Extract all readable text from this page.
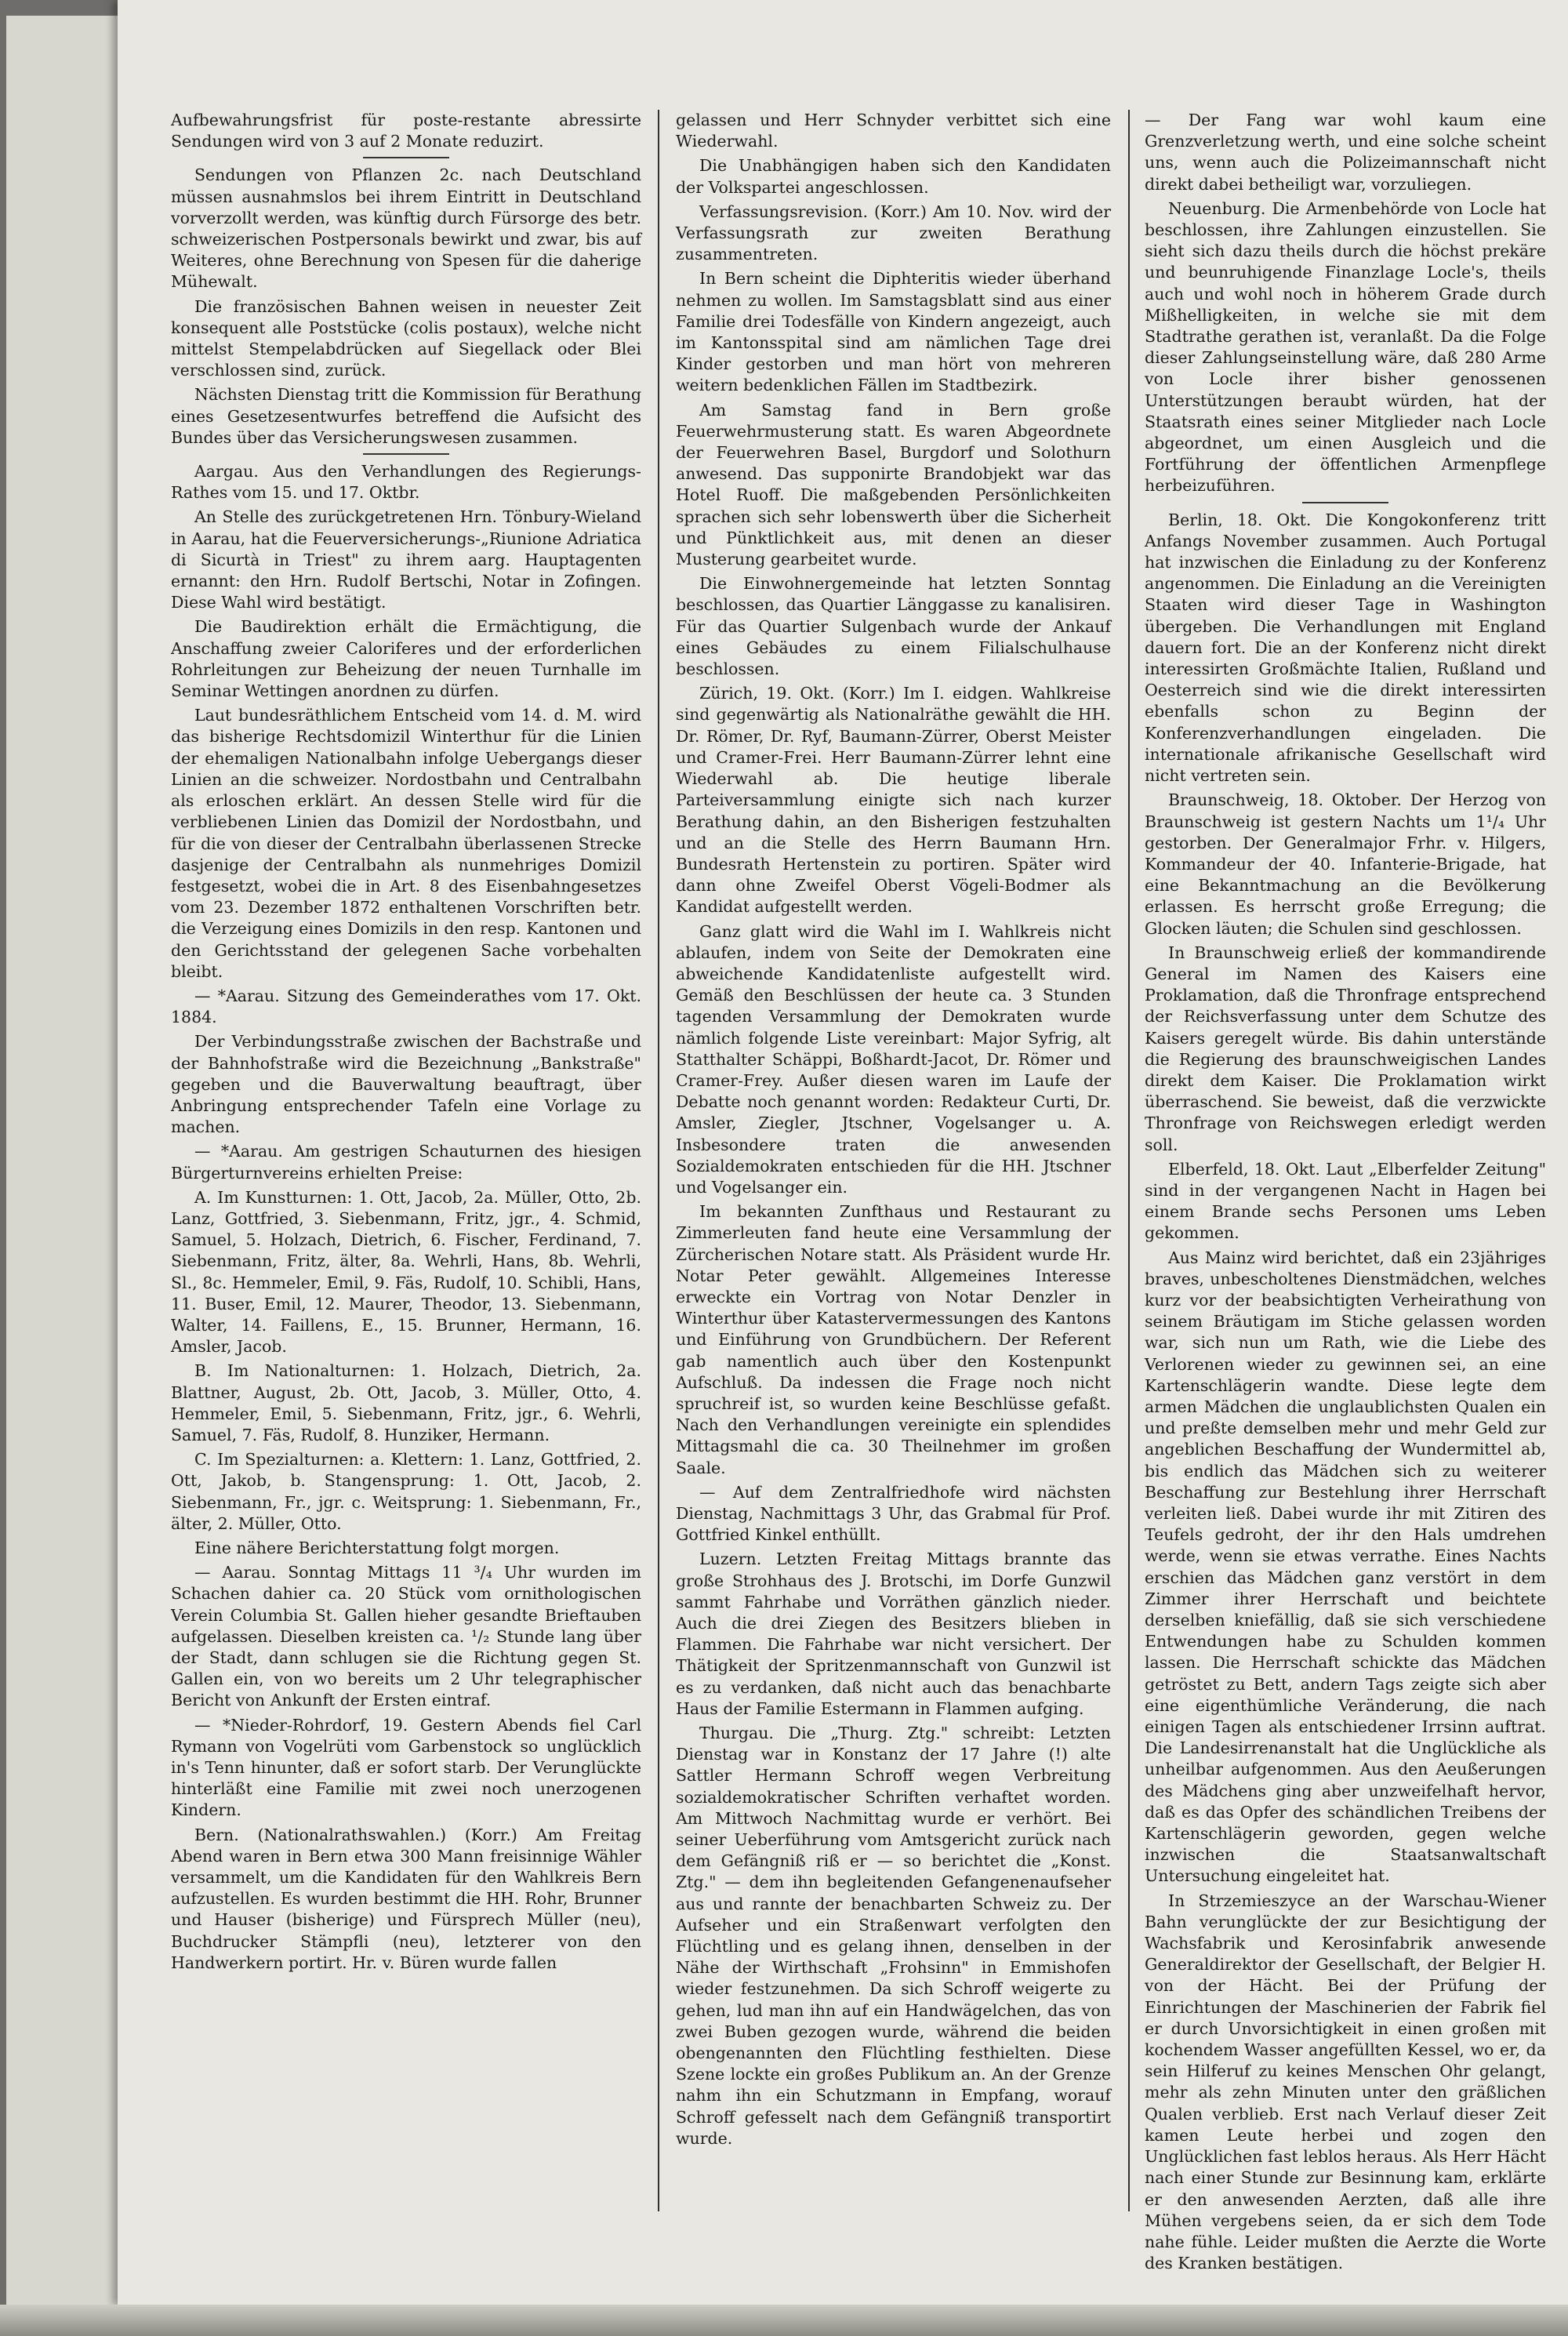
Aufbewahrungsfrist für poste-restante abressirte Sendungen wird von 3 auf 2 Monate reduzirt.

Sendungen von Pflanzen 2c. nach Deutschland müssen ausnahmslos bei ihrem Eintritt in Deutschland vorverzollt werden, was künftig durch Fürsorge des betr. schweizerischen Postpersonals bewirkt und zwar, bis auf Weiteres, ohne Berechnung von Spesen für die daherige Mühewalt.

Die französischen Bahnen weisen in neuester Zeit konsequent alle Poststücke (colis postaux), welche nicht mittelst Stempelabdrücken auf Siegellack oder Blei verschlossen sind, zurück.

Nächsten Dienstag tritt die Kommission für Berathung eines Gesetzesentwurfes betreffend die Aufsicht des Bundes über das Versicherungswesen zusammen.

Aargau. Aus den Verhandlungen des Regierungs-Rathes vom 15. und 17. Oktbr.

An Stelle des zurückgetretenen Hrn. Tönbury-Wieland in Aarau, hat die Feuerversicherungs-„Riunione Adriatica di Sicurtà in Triest" zu ihrem aarg. Hauptagenten ernannt: den Hrn. Rudolf Bertschi, Notar in Zofingen. Diese Wahl wird bestätigt.

Die Baudirektion erhält die Ermächtigung, die Anschaffung zweier Caloriferes und der erforderlichen Rohrleitungen zur Beheizung der neuen Turnhalle im Seminar Wettingen anordnen zu dürfen.

Laut bundesräthlichem Entscheid vom 14. d. M. wird das bisherige Rechtsdomizil Winterthur für die Linien der ehemaligen Nationalbahn infolge Uebergangs dieser Linien an die schweizer. Nordostbahn und Centralbahn als erloschen erklärt. An dessen Stelle wird für die verbliebenen Linien das Domizil der Nordostbahn, und für die von dieser der Centralbahn überlassenen Strecke dasjenige der Centralbahn als nunmehriges Domizil festgesetzt, wobei die in Art. 8 des Eisenbahngesetzes vom 23. Dezember 1872 enthaltenen Vorschriften betr. die Verzeigung eines Domizils in den resp. Kantonen und den Gerichtsstand der gelegenen Sache vorbehalten bleibt.

— *Aarau. Sitzung des Gemeinderathes vom 17. Okt. 1884.

Der Verbindungsstraße zwischen der Bachstraße und der Bahnhofstraße wird die Bezeichnung „Bankstraße" gegeben und die Bauverwaltung beauftragt, über Anbringung entsprechender Tafeln eine Vorlage zu machen.

— *Aarau. Am gestrigen Schauturnen des hiesigen Bürgerturnvereins erhielten Preise:

A. Im Kunstturnen: 1. Ott, Jacob, 2a. Müller, Otto, 2b. Lanz, Gottfried, 3. Siebenmann, Fritz, jgr., 4. Schmid, Samuel, 5. Holzach, Dietrich, 6. Fischer, Ferdinand, 7. Siebenmann, Fritz, älter, 8a. Wehrli, Hans, 8b. Wehrli, Sl., 8c. Hemmeler, Emil, 9. Fäs, Rudolf, 10. Schibli, Hans, 11. Buser, Emil, 12. Maurer, Theodor, 13. Siebenmann, Walter, 14. Faillens, E., 15. Brunner, Hermann, 16. Amsler, Jacob.

B. Im Nationalturnen: 1. Holzach, Dietrich, 2a. Blattner, August, 2b. Ott, Jacob, 3. Müller, Otto, 4. Hemmeler, Emil, 5. Siebenmann, Fritz, jgr., 6. Wehrli, Samuel, 7. Fäs, Rudolf, 8. Hunziker, Hermann.

C. Im Spezialturnen: a. Klettern: 1. Lanz, Gottfried, 2. Ott, Jakob, b. Stangensprung: 1. Ott, Jacob, 2. Siebenmann, Fr., jgr. c. Weitsprung: 1. Siebenmann, Fr., älter, 2. Müller, Otto.

Eine nähere Berichterstattung folgt morgen.

— Aarau. Sonntag Mittags 11 ³/₄ Uhr wurden im Schachen dahier ca. 20 Stück vom ornithologischen Verein Columbia St. Gallen hieher gesandte Brieftauben aufgelassen. Dieselben kreisten ca. ¹/₂ Stunde lang über der Stadt, dann schlugen sie die Richtung gegen St. Gallen ein, von wo bereits um 2 Uhr telegraphischer Bericht von Ankunft der Ersten eintraf.

— *Nieder-Rohrdorf, 19. Gestern Abends fiel Carl Rymann von Vogelrüti vom Garbenstock so unglücklich in's Tenn hinunter, daß er sofort starb. Der Verunglückte hinterläßt eine Familie mit zwei noch unerzogenen Kindern.

Bern. (Nationalrathswahlen.) (Korr.) Am Freitag Abend waren in Bern etwa 300 Mann freisinnige Wähler versammelt, um die Kandidaten für den Wahlkreis Bern aufzustellen. Es wurden bestimmt die HH. Rohr, Brunner und Hauser (bisherige) und Fürsprech Müller (neu), Buchdrucker Stämpfli (neu), letzterer von den Handwerkern portirt. Hr. v. Büren wurde fallen

gelassen und Herr Schnyder verbittet sich eine Wiederwahl.

Die Unabhängigen haben sich den Kandidaten der Volkspartei angeschlossen.

Verfassungsrevision. (Korr.) Am 10. Nov. wird der Verfassungsrath zur zweiten Berathung zusammentreten.

In Bern scheint die Diphteritis wieder überhand nehmen zu wollen. Im Samstagsblatt sind aus einer Familie drei Todesfälle von Kindern angezeigt, auch im Kantonsspital sind am nämlichen Tage drei Kinder gestorben und man hört von mehreren weitern bedenklichen Fällen im Stadtbezirk.

Am Samstag fand in Bern große Feuerwehrmusterung statt. Es waren Abgeordnete der Feuerwehren Basel, Burgdorf und Solothurn anwesend. Das supponirte Brandobjekt war das Hotel Ruoff. Die maßgebenden Persönlichkeiten sprachen sich sehr lobenswerth über die Sicherheit und Pünktlichkeit aus, mit denen an dieser Musterung gearbeitet wurde.

Die Einwohnergemeinde hat letzten Sonntag beschlossen, das Quartier Länggasse zu kanalisiren. Für das Quartier Sulgenbach wurde der Ankauf eines Gebäudes zu einem Filialschulhause beschlossen.

Zürich, 19. Okt. (Korr.) Im I. eidgen. Wahlkreise sind gegenwärtig als Nationalräthe gewählt die HH. Dr. Römer, Dr. Ryf, Baumann-Zürrer, Oberst Meister und Cramer-Frei. Herr Baumann-Zürrer lehnt eine Wiederwahl ab. Die heutige liberale Parteiversammlung einigte sich nach kurzer Berathung dahin, an den Bisherigen festzuhalten und an die Stelle des Herrn Baumann Hrn. Bundesrath Hertenstein zu portiren. Später wird dann ohne Zweifel Oberst Vögeli-Bodmer als Kandidat aufgestellt werden.

Ganz glatt wird die Wahl im I. Wahlkreis nicht ablaufen, indem von Seite der Demokraten eine abweichende Kandidatenliste aufgestellt wird. Gemäß den Beschlüssen der heute ca. 3 Stunden tagenden Versammlung der Demokraten wurde nämlich folgende Liste vereinbart: Major Syfrig, alt Statthalter Schäppi, Boßhardt-Jacot, Dr. Römer und Cramer-Frey. Außer diesen waren im Laufe der Debatte noch genannt worden: Redakteur Curti, Dr. Amsler, Ziegler, Jtschner, Vogelsanger u. A. Insbesondere traten die anwesenden Sozialdemokraten entschieden für die HH. Jtschner und Vogelsanger ein.

Im bekannten Zunfthaus und Restaurant zu Zimmerleuten fand heute eine Versammlung der Zürcherischen Notare statt. Als Präsident wurde Hr. Notar Peter gewählt. Allgemeines Interesse erweckte ein Vortrag von Notar Denzler in Winterthur über Katastervermessungen des Kantons und Einführung von Grundbüchern. Der Referent gab namentlich auch über den Kostenpunkt Aufschluß. Da indessen die Frage noch nicht spruchreif ist, so wurden keine Beschlüsse gefaßt. Nach den Verhandlungen vereinigte ein splendides Mittagsmahl die ca. 30 Theilnehmer im großen Saale.

— Auf dem Zentralfriedhofe wird nächsten Dienstag, Nachmittags 3 Uhr, das Grabmal für Prof. Gottfried Kinkel enthüllt.

Luzern. Letzten Freitag Mittags brannte das große Strohhaus des J. Brotschi, im Dorfe Gunzwil sammt Fahrhabe und Vorräthen gänzlich nieder. Auch die drei Ziegen des Besitzers blieben in Flammen. Die Fahrhabe war nicht versichert. Der Thätigkeit der Spritzenmannschaft von Gunzwil ist es zu verdanken, daß nicht auch das benachbarte Haus der Familie Estermann in Flammen aufging.

Thurgau. Die „Thurg. Ztg." schreibt: Letzten Dienstag war in Konstanz der 17 Jahre (!) alte Sattler Hermann Schroff wegen Verbreitung sozialdemokratischer Schriften verhaftet worden. Am Mittwoch Nachmittag wurde er verhört. Bei seiner Ueberführung vom Amtsgericht zurück nach dem Gefängniß riß er — so berichtet die „Konst. Ztg." — dem ihn begleitenden Gefangenenaufseher aus und rannte der benachbarten Schweiz zu. Der Aufseher und ein Straßenwart verfolgten den Flüchtling und es gelang ihnen, denselben in der Nähe der Wirthschaft „Frohsinn" in Emmishofen wieder festzunehmen. Da sich Schroff weigerte zu gehen, lud man ihn auf ein Handwägelchen, das von zwei Buben gezogen wurde, während die beiden obengenannten den Flüchtling festhielten. Diese Szene lockte ein großes Publikum an. An der Grenze nahm ihn ein Schutzmann in Empfang, worauf Schroff gefesselt nach dem Gefängniß transportirt wurde.

— Der Fang war wohl kaum eine Grenzverletzung werth, und eine solche scheint uns, wenn auch die Polizeimannschaft nicht direkt dabei betheiligt war, vorzuliegen.

Neuenburg. Die Armenbehörde von Locle hat beschlossen, ihre Zahlungen einzustellen. Sie sieht sich dazu theils durch die höchst prekäre und beunruhigende Finanzlage Locle's, theils auch und wohl noch in höherem Grade durch Mißhelligkeiten, in welche sie mit dem Stadtrathe gerathen ist, veranlaßt. Da die Folge dieser Zahlungseinstellung wäre, daß 280 Arme von Locle ihrer bisher genossenen Unterstützungen beraubt würden, hat der Staatsrath eines seiner Mitglieder nach Locle abgeordnet, um einen Ausgleich und die Fortführung der öffentlichen Armenpflege herbeizuführen.

Berlin, 18. Okt. Die Kongokonferenz tritt Anfangs November zusammen. Auch Portugal hat inzwischen die Einladung zu der Konferenz angenommen. Die Einladung an die Vereinigten Staaten wird dieser Tage in Washington übergeben. Die Verhandlungen mit England dauern fort. Die an der Konferenz nicht direkt interessirten Großmächte Italien, Rußland und Oesterreich sind wie die direkt interessirten ebenfalls schon zu Beginn der Konferenzverhandlungen eingeladen. Die internationale afrikanische Gesellschaft wird nicht vertreten sein.

Braunschweig, 18. Oktober. Der Herzog von Braunschweig ist gestern Nachts um 1¹/₄ Uhr gestorben. Der Generalmajor Frhr. v. Hilgers, Kommandeur der 40. Infanterie-Brigade, hat eine Bekanntmachung an die Bevölkerung erlassen. Es herrscht große Erregung; die Glocken läuten; die Schulen sind geschlossen.

In Braunschweig erließ der kommandirende General im Namen des Kaisers eine Proklamation, daß die Thronfrage entsprechend der Reichsverfassung unter dem Schutze des Kaisers geregelt würde. Bis dahin unterstände die Regierung des braunschweigischen Landes direkt dem Kaiser. Die Proklamation wirkt überraschend. Sie beweist, daß die verzwickte Thronfrage von Reichswegen erledigt werden soll.

Elberfeld, 18. Okt. Laut „Elberfelder Zeitung" sind in der vergangenen Nacht in Hagen bei einem Brande sechs Personen ums Leben gekommen.

Aus Mainz wird berichtet, daß ein 23jähriges braves, unbescholtenes Dienstmädchen, welches kurz vor der beabsichtigten Verheirathung von seinem Bräutigam im Stiche gelassen worden war, sich nun um Rath, wie die Liebe des Verlorenen wieder zu gewinnen sei, an eine Kartenschlägerin wandte. Diese legte dem armen Mädchen die unglaublichsten Qualen ein und preßte demselben mehr und mehr Geld zur angeblichen Beschaffung der Wundermittel ab, bis endlich das Mädchen sich zu weiterer Beschaffung zur Bestehlung ihrer Herrschaft verleiten ließ. Dabei wurde ihr mit Zitiren des Teufels gedroht, der ihr den Hals umdrehen werde, wenn sie etwas verrathe. Eines Nachts erschien das Mädchen ganz verstört in dem Zimmer ihrer Herrschaft und beichtete derselben kniefällig, daß sie sich verschiedene Entwendungen habe zu Schulden kommen lassen. Die Herrschaft schickte das Mädchen getröstet zu Bett, andern Tags zeigte sich aber eine eigenthümliche Veränderung, die nach einigen Tagen als entschiedener Irrsinn auftrat. Die Landesirrenanstalt hat die Unglückliche als unheilbar aufgenommen. Aus den Aeußerungen des Mädchens ging aber unzweifelhaft hervor, daß es das Opfer des schändlichen Treibens der Kartenschlägerin geworden, gegen welche inzwischen die Staatsanwaltschaft Untersuchung eingeleitet hat.

In Strzemieszyce an der Warschau-Wiener Bahn verunglückte der zur Besichtigung der Wachsfabrik und Kerosinfabrik anwesende Generaldirektor der Gesellschaft, der Belgier H. von der Hächt. Bei der Prüfung der Einrichtungen der Maschinerien der Fabrik fiel er durch Unvorsichtigkeit in einen großen mit kochendem Wasser angefüllten Kessel, wo er, da sein Hilferuf zu keines Menschen Ohr gelangt, mehr als zehn Minuten unter den gräßlichen Qualen verblieb. Erst nach Verlauf dieser Zeit kamen Leute herbei und zogen den Unglücklichen fast leblos heraus. Als Herr Hächt nach einer Stunde zur Besinnung kam, erklärte er den anwesenden Aerzten, daß alle ihre Mühen vergebens seien, da er sich dem Tode nahe fühle. Leider mußten die Aerzte die Worte des Kranken bestätigen.
